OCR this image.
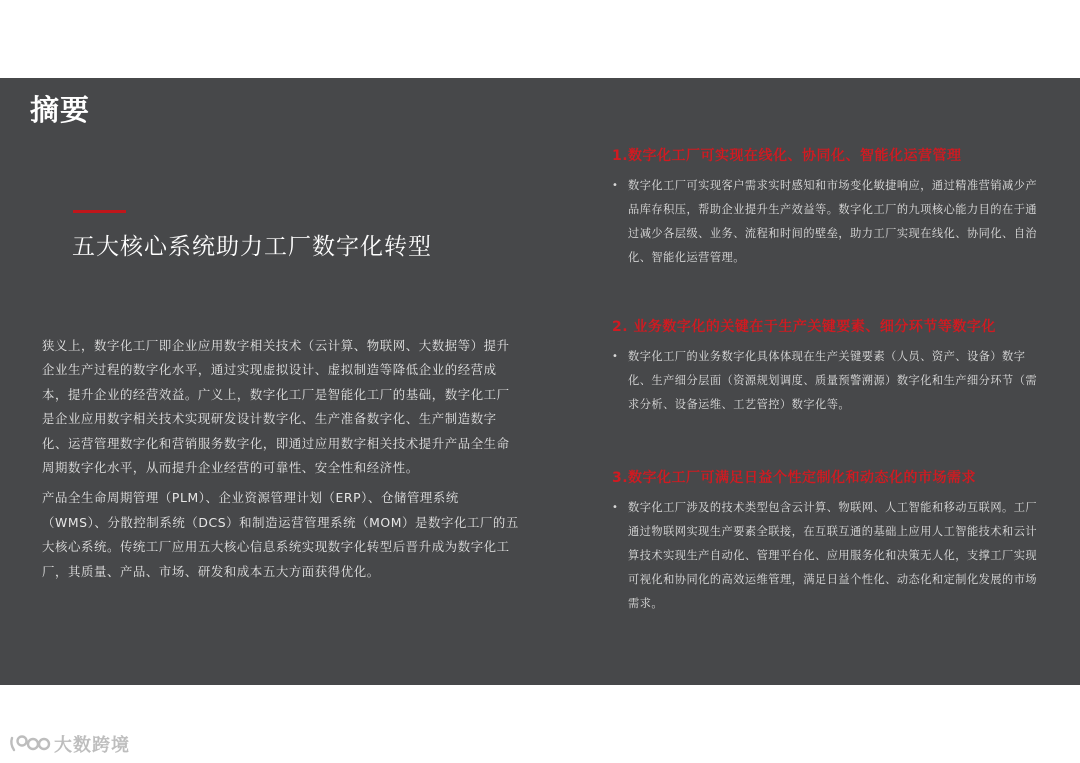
摘要
五大核心系统助力工厂数字化转型

狭义上，数字化工厂即企业应用数字相关技术（云计算、物联网、大数据等）提升企业生产过程的数字化水平，通过实现虚拟设计、虚拟制造等降低企业的经营成本，提升企业的经营效益。广义上，数字化工厂是智能化工厂的基础，数字化工厂是企业应用数字相关技术实现研发设计数字化、生产准备数字化、生产制造数字化、运营管理数字化和营销服务数字化，即通过应用数字相关技术提升产品全生命周期数字化水平，从而提升企业经营的可靠性、安全性和经济性。

产品全生命周期管理（PLM）、企业资源管理计划（ERP）、仓储管理系统（WMS）、分散控制系统（DCS）和制造运营管理系统（MOM）是数字化工厂的五大核心系统。传统工厂应用五大核心信息系统实现数字化转型后晋升成为数字化工厂，其质量、产品、市场、研发和成本五大方面获得优化。

1.数字化工厂可实现在线化、协同化、智能化运营管理
• 数字化工厂可实现客户需求实时感知和市场变化敏捷响应，通过精准营销减少产品库存积压，帮助企业提升生产效益等。数字化工厂的九项核心能力目的在于通过减少各层级、业务、流程和时间的壁垒，助力工厂实现在线化、协同化、自治化、智能化运营管理。
2. 业务数字化的关键在于生产关键要素、细分环节等数字化
• 数字化工厂的业务数字化具体体现在生产关键要素（人员、资产、设备）数字化、生产细分层面（资源规划调度、质量预警溯源）数字化和生产细分环节（需求分析、设备运维、工艺管控）数字化等。
3.数字化工厂可满足日益个性定制化和动态化的市场需求
• 数字化工厂涉及的技术类型包含云计算、物联网、人工智能和移动互联网。工厂通过物联网实现生产要素全联接，在互联互通的基础上应用人工智能技术和云计算技术实现生产自动化、管理平台化、应用服务化和决策无人化，支撑工厂实现可视化和协同化的高效运维管理，满足日益个性化、动态化和定制化发展的市场需求。
大数跨境
